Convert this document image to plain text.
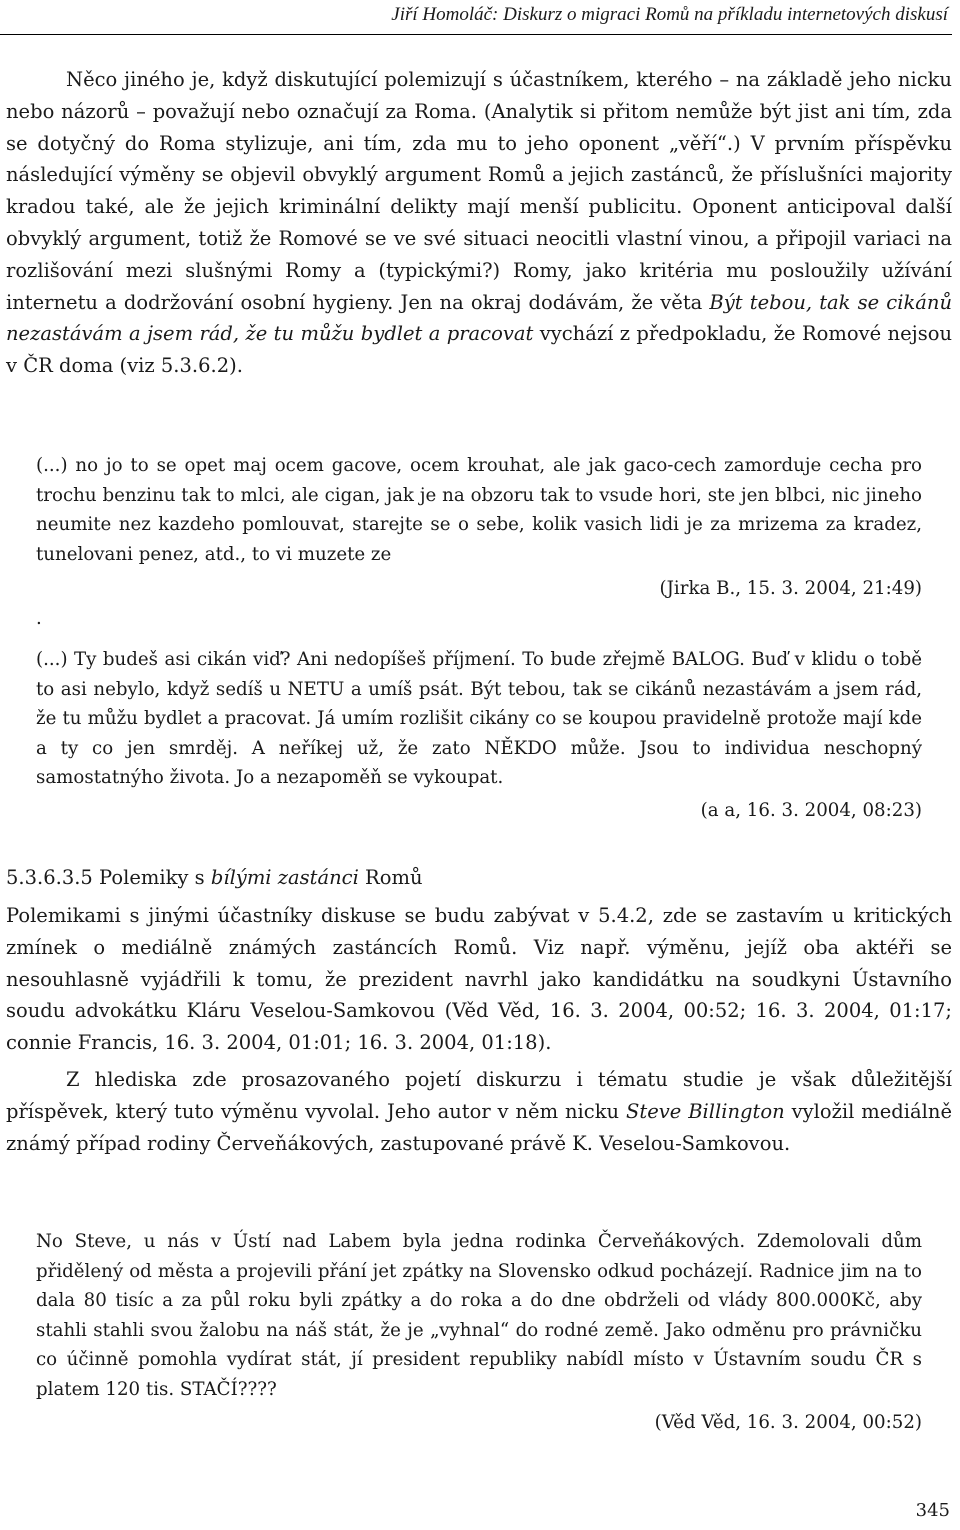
Jiří Homoláč: Diskurz o migraci Romů na příkladu internetových diskusí

Něco jiného je, když diskutující polemizují s účastníkem, kterého – na základě jeho nicku nebo názorů – považují nebo označují za Roma. (Analytik si přitom nemůže být jist ani tím, zda se dotyčný do Roma stylizuje, ani tím, zda mu to jeho oponent „věří“.) V prvním příspěvku následující výměny se objevil obvyklý argument Romů a jejich zastánců, že příslušníci majority kradou také, ale že jejich kriminální delikty mají menší publicitu. Oponent anticipoval další obvyklý argument, totiž že Romové se ve své situaci neocitli vlastní vinou, a připojil variaci na rozlišování mezi slušnými Romy a (typickými?) Romy, jako kritéria mu posloužily užívání internetu a dodržování osobní hygieny. Jen na okraj dodávám, že věta Být tebou, tak se cikánů nezastávám a jsem rád, že tu můžu bydlet a pracovat vychází z předpokladu, že Romové nejsou v ČR doma (viz 5.3.6.2).

(...) no jo to se opet maj ocem gacove, ocem krouhat, ale jak gaco-cech zamorduje cecha pro trochu benzinu tak to mlci, ale cigan, jak je na obzoru tak to vsude hori, ste jen blbci, nic jineho neumite nez kazdeho pomlouvat, starejte se o sebe, kolik vasich lidi je za mrizema za kradez, tunelovani penez, atd., to vi muzete ze

(Jirka B., 15. 3. 2004, 21:49)
.

(...) Ty budeš asi cikán viď? Ani nedopíšeš příjmení. To bude zřejmě BALOG. Buď v klidu o tobě to asi nebylo, když sedíš u NETU a umíš psát. Být tebou, tak se cikánů nezastávám a jsem rád, že tu můžu bydlet a pracovat. Já umím rozlišit cikány co se koupou pravidelně protože mají kde a ty co jen smrděj. A neříkej už, že zato NĚKDO může. Jsou to individua neschopný samostatnýho života. Jo a nezapoměň se vykoupat.

(a a, 16. 3. 2004, 08:23)
5.3.6.3.5 Polemiky s bílými zastánci Romů

Polemikami s jinými účastníky diskuse se budu zabývat v 5.4.2, zde se zastavím u kritických zmínek o mediálně známých zastáncích Romů. Viz např. výměnu, jejíž oba aktéři se nesouhlasně vyjádřili k tomu, že prezident navrhl jako kandidátku na soudkyni Ústavního soudu advokátku Kláru Veselou-Samkovou (Věd Věd, 16. 3. 2004, 00:52; 16. 3. 2004, 01:17; connie Francis, 16. 3. 2004, 01:01; 16. 3. 2004, 01:18).

Z hlediska zde prosazovaného pojetí diskurzu i tématu studie je však důležitější příspěvek, který tuto výměnu vyvolal. Jeho autor v něm nicku Steve Billington vyložil mediálně známý případ rodiny Červeňákových, zastupované právě K. Veselou-Samkovou.

No Steve, u nás v Ústí nad Labem byla jedna rodinka Červeňákových. Zdemolovali dům přidělený od města a projevili přání jet zpátky na Slovensko odkud pocházejí. Radnice jim na to dala 80 tisíc a za půl roku byli zpátky a do roka a do dne obdrželi od vlády 800.000Kč, aby stahli stahli svou žalobu na náš stát, že je „vyhnal“ do rodné země. Jako odměnu pro právničku co účinně pomohla vydírat stát, jí president republiky nabídl místo v Ústavním soudu ČR s platem 120 tis. STAČÍ????

(Věd Věd, 16. 3. 2004, 00:52)
345
